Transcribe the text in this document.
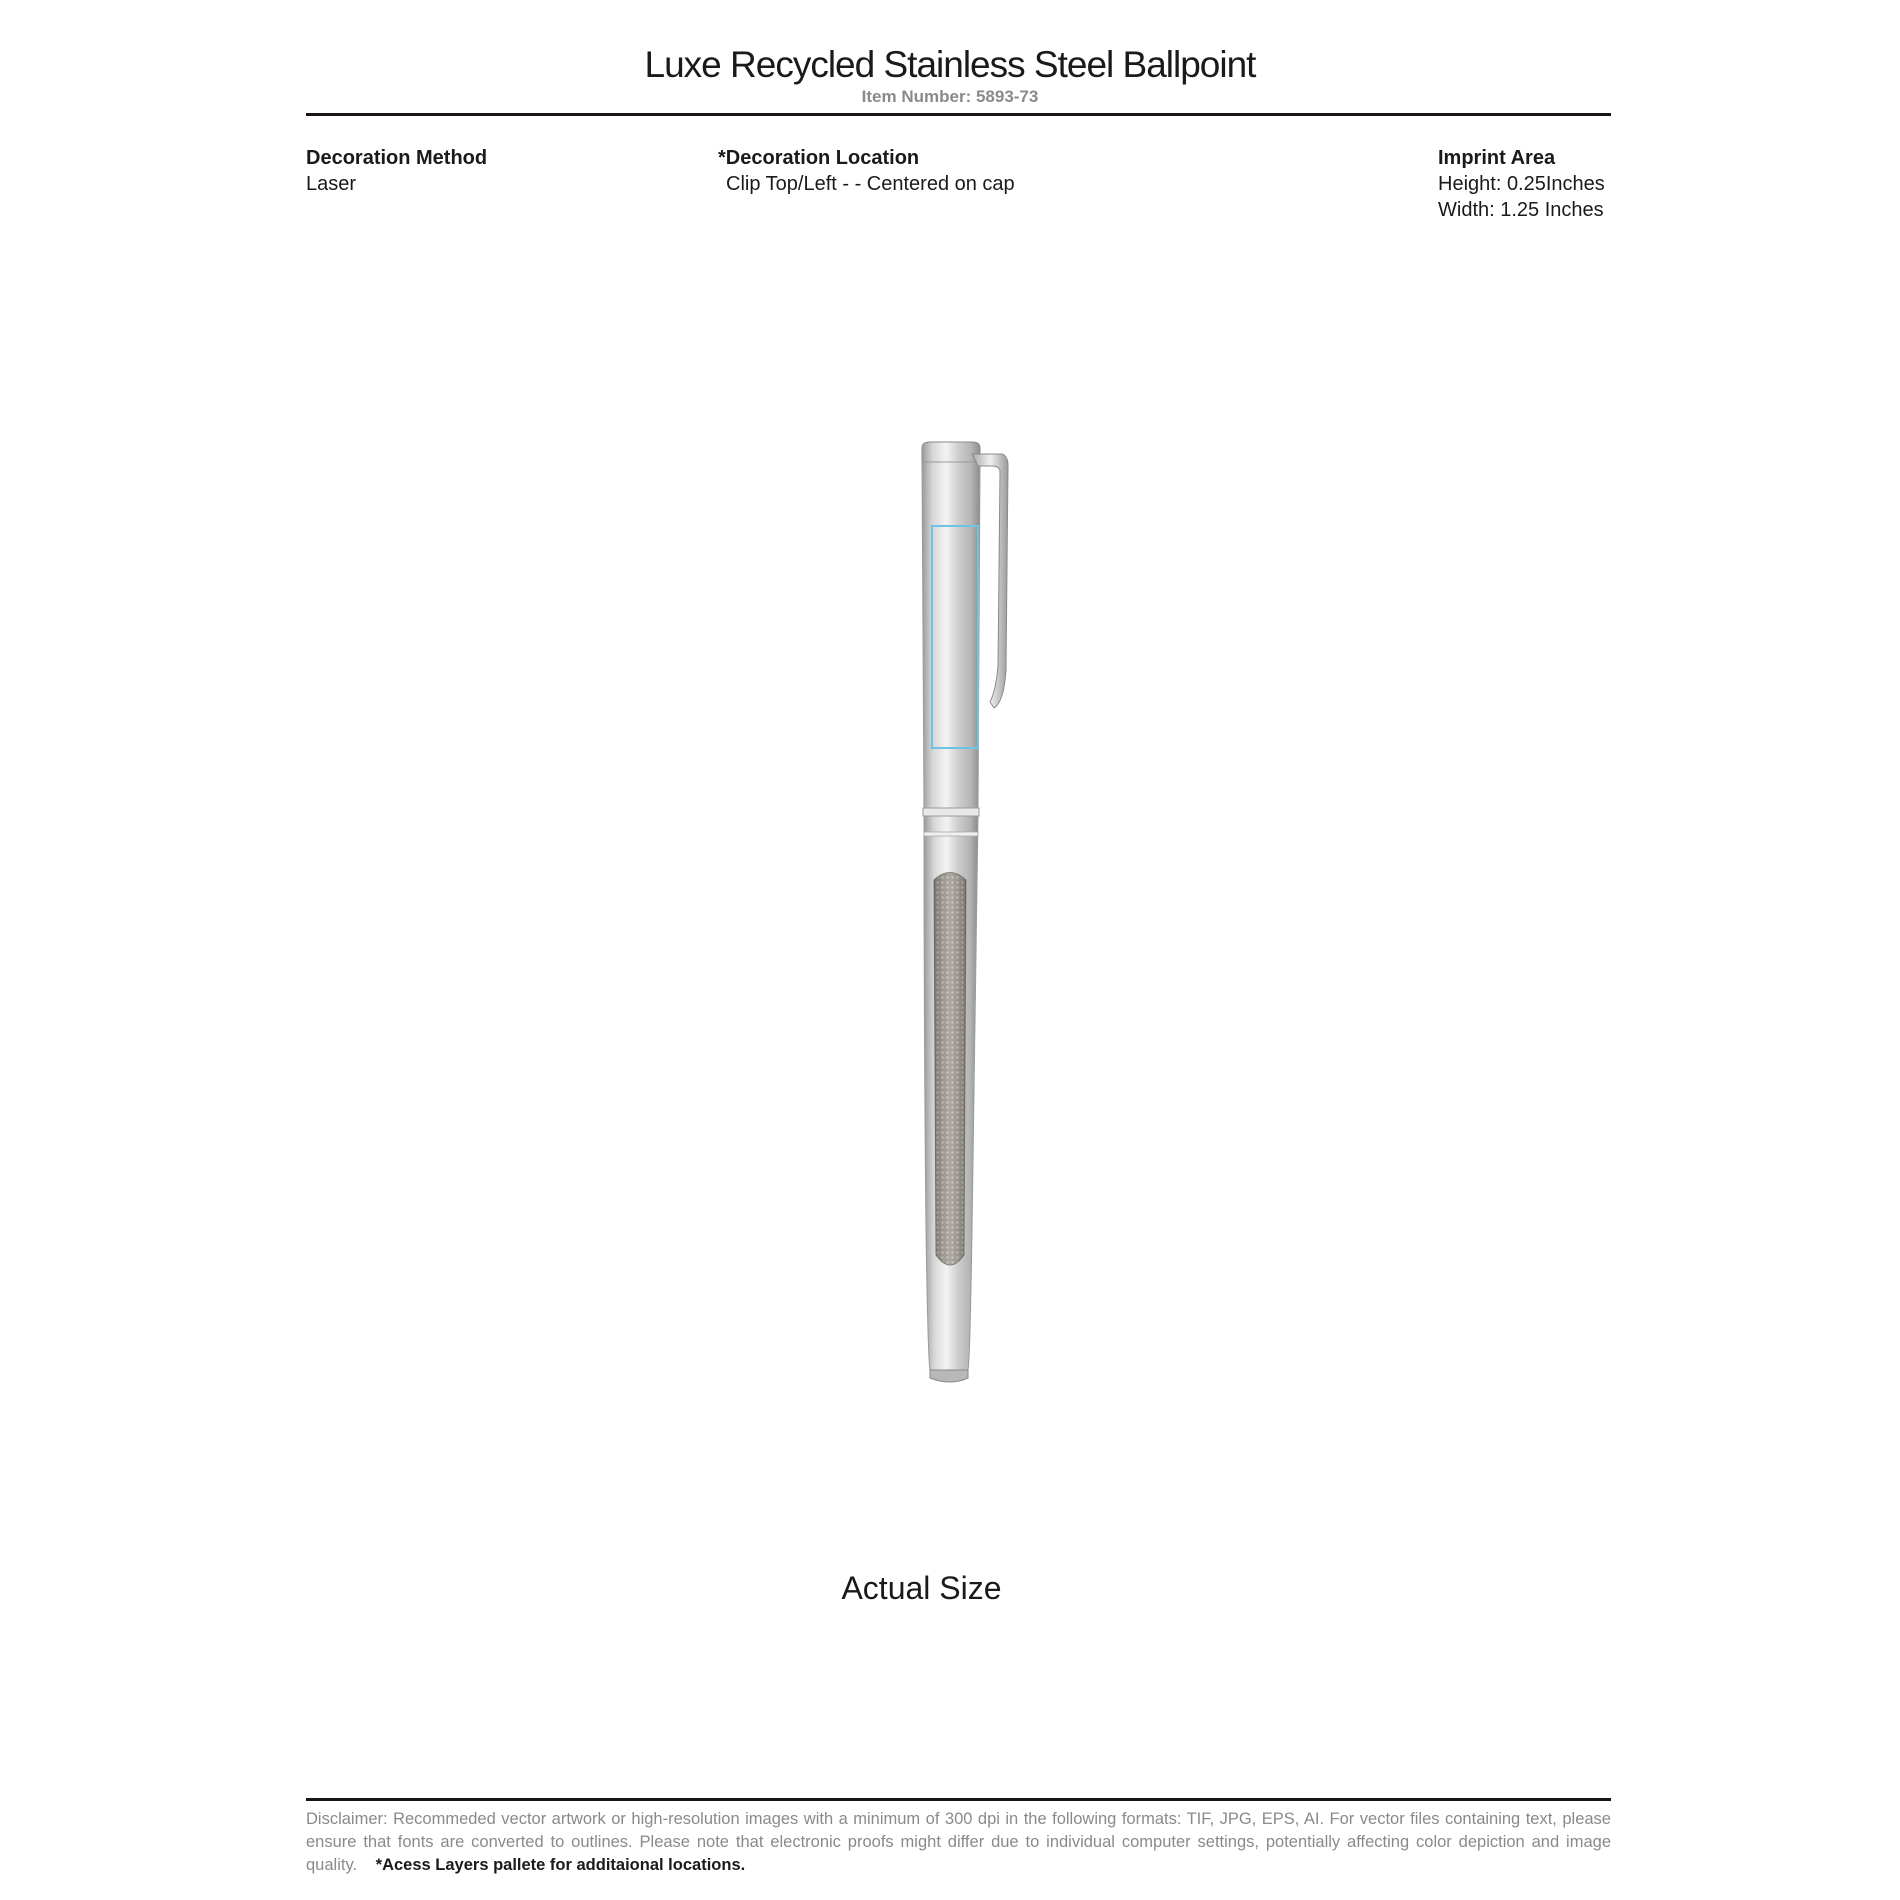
Luxe Recycled Stainless Steel Ballpoint
Item Number: 5893-73
Decoration Method
Laser
*Decoration Location
Clip Top/Left - - Centered on cap
Imprint Area
Height: 0.25Inches
Width: 1.25 Inches
Actual Size
Disclaimer: Recommeded vector artwork or high-resolution images with a minimum of 300 dpi in the following formats: TIF, JPG, EPS, AI. For vector files containing text, please ensure that fonts are converted to outlines. Please note that electronic proofs might differ due to individual computer settings, potentially affecting color depiction and image quality. *Acess Layers pallete for additaional locations.
